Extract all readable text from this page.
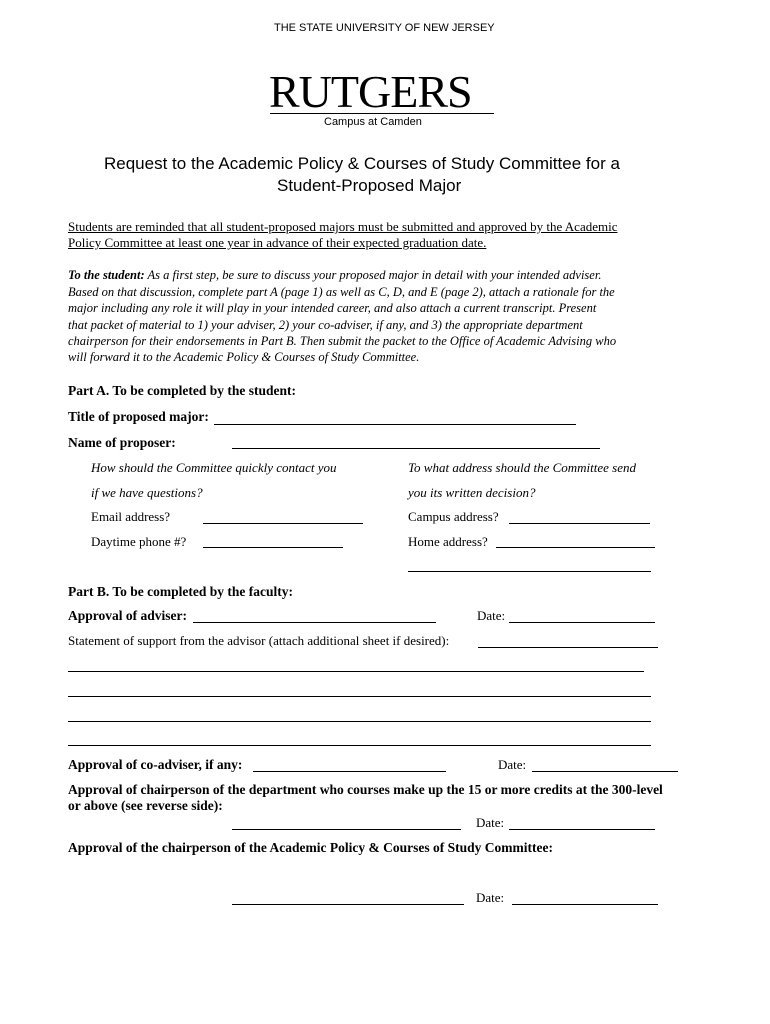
THE STATE UNIVERSITY OF NEW JERSEY
RUTGERS
Campus at Camden
Request to the Academic Policy & Courses of Study Committee for a
Student-Proposed Major
Students are reminded that all student-proposed majors must be submitted and approved by the Academic
Policy Committee at least one year in advance of their expected graduation date.
To the student: As a first step, be sure to discuss your proposed major in detail with your intended adviser.
Based on that discussion, complete part A (page 1) as well as C, D, and E (page 2), attach a rationale for the
major including any role it will play in your intended career, and also attach a current transcript. Present
that packet of material to 1) your adviser, 2) your co-adviser, if any, and 3) the appropriate department
chairperson for their endorsements in Part B. Then submit the packet to the Office of Academic Advising who
will forward it to the Academic Policy & Courses of Study Committee.
Part A. To be completed by the student:
Title of proposed major:
Name of proposer:
How should the Committee quickly contact you
if we have questions?
To what address should the Committee send
you its written decision?
Email address?	Campus address?
Daytime phone #?	Home address?
Part B. To be completed by the faculty:
Approval of adviser:	Date:
Statement of support from the advisor (attach additional sheet if desired):
Approval of co-adviser, if any:	Date:
Approval of chairperson of the department who courses make up the 15 or more credits at the 300-level
or above (see reverse side):
Date:
Approval of the chairperson of the Academic Policy & Courses of Study Committee:
Date:
